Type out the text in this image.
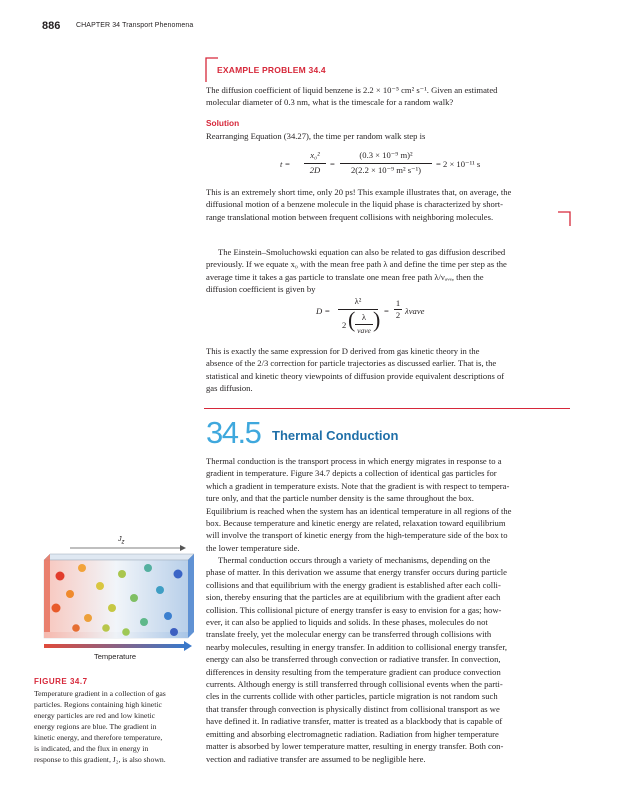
886 CHAPTER 34 Transport Phenomena
EXAMPLE PROBLEM 34.4
The diffusion coefficient of liquid benzene is 2.2 × 10⁻⁵ cm² s⁻¹. Given an estimated
molecular diameter of 0.3 nm, what is the timescale for a random walk?
Solution
Rearranging Equation (34.27), the time per random walk step is
t =
x₀²
2D
=
(0.3 × 10⁻⁹ m)²
2(2.2 × 10⁻⁹ m² s⁻¹)
= 2 × 10⁻¹¹ s
This is an extremely short time, only 20 ps! This example illustrates that, on average, the
diffusional motion of a benzene molecule in the liquid phase is characterized by short-
range translational motion between frequent collisions with neighboring molecules.
The Einstein–Smoluchowski equation can also be related to gas diffusion described
previously. If we equate x₀ with the mean free path λ and define the time per step as the
average time it takes a gas particle to translate one mean free path λ/νₐᵥₑ, then the
diffusion coefficient is given by
D =
λ²
2 ( λ
νave ) =
1
2 λνave
This is exactly the same expression for D derived from gas kinetic theory in the
absence of the 2/3 correction for particle trajectories as discussed earlier. That is, the
statistical and kinetic theory viewpoints of diffusion provide equivalent descriptions of
gas diffusion.
34.5 Thermal Conduction
Thermal conduction is the transport process in which energy migrates in response to a
gradient in temperature. Figure 34.7 depicts a collection of identical gas particles for
which a gradient in temperature exists. Note that the gradient is with respect to tempera-
ture only, and that the particle number density is the same throughout the box.
Equilibrium is reached when the system has an identical temperature in all regions of the
box. Because temperature and kinetic energy are related, relaxation toward equilibrium
will involve the transport of kinetic energy from the high-temperature side of the box to
the lower temperature side.
Thermal conduction occurs through a variety of mechanisms, depending on the
phase of matter. In this derivation we assume that energy transfer occurs during particle
collisions and that equilibrium with the energy gradient is established after each colli-
sion, thereby ensuring that the particles are at equilibrium with the gradient after each
collision. This collisional picture of energy transfer is easy to envision for a gas; how-
ever, it can also be applied to liquids and solids. In these phases, molecules do not
translate freely, yet the molecular energy can be transferred through collisions with
nearby molecules, resulting in energy transfer. In addition to collisional energy transfer,
energy can also be transferred through convection or radiative transfer. In convection,
differences in density resulting from the temperature gradient can produce convection
currents. Although energy is still transferred through collisional events when the parti-
cles in the currents collide with other particles, particle migration is not random such
that transfer through convection is physically distinct from collisional transport as we
have defined it. In radiative transfer, matter is treated as a blackbody that is capable of
emitting and absorbing electromagnetic radiation. Radiation from higher temperature
matter is absorbed by lower temperature matter, resulting in energy transfer. Both con-
vection and radiative transfer are assumed to be negligible here.
$J_z$
Temperature
FIGURE 34.7
Temperature gradient in a collection of gas
particles. Regions containing high kinetic
energy particles are red and low kinetic
energy regions are blue. The gradient in
kinetic energy, and therefore temperature,
is indicated, and the flux in energy in
response to this gradient, J₂, is also shown.
